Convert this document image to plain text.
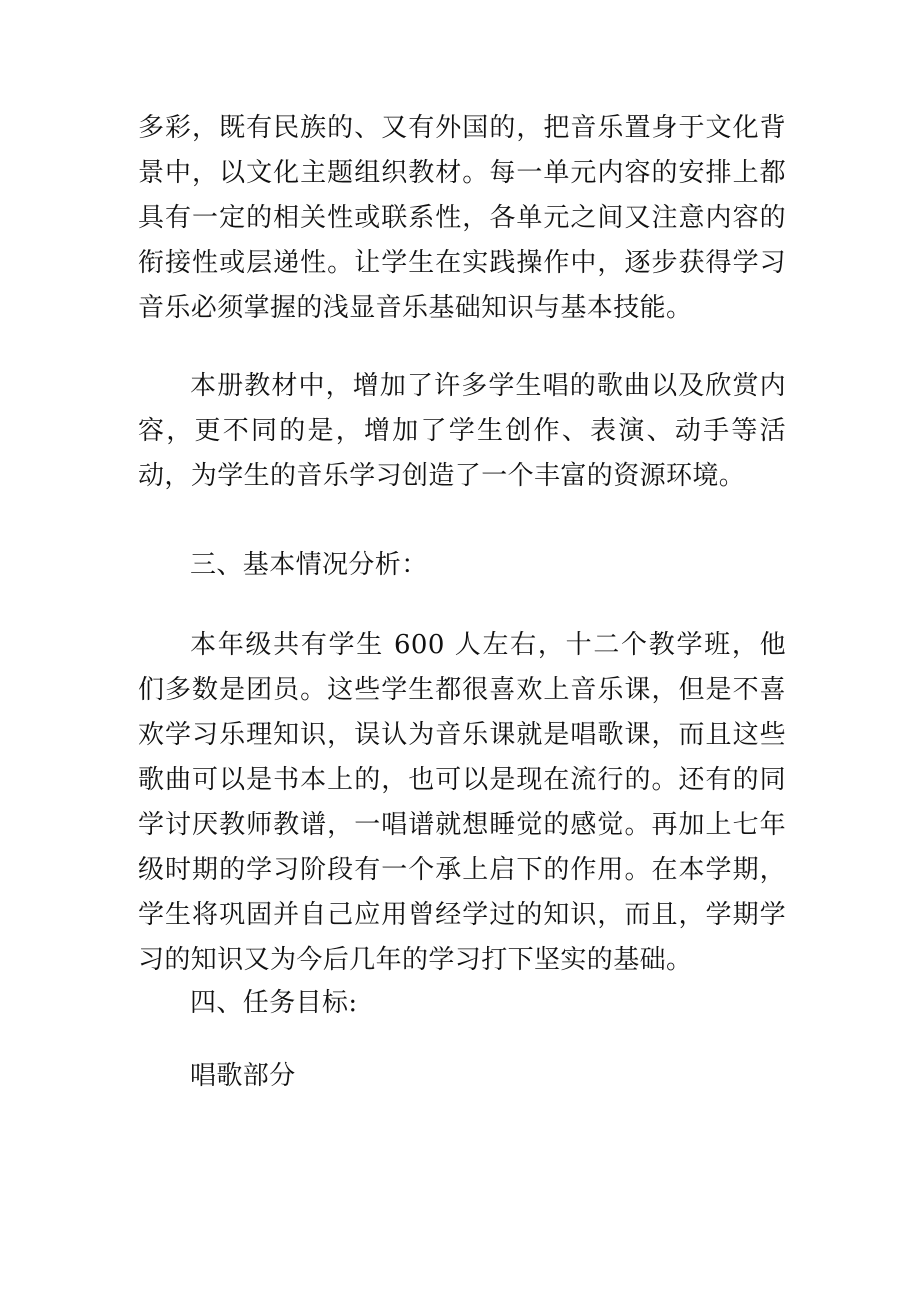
多彩，既有民族的、又有外国的，把音乐置身于文化背景中，以文化主题组织教材。每一单元内容的安排上都具有一定的相关性或联系性，各单元之间又注意内容的衔接性或层递性。让学生在实践操作中，逐步获得学习音乐必须掌握的浅显音乐基础知识与基本技能。

本册教材中，增加了许多学生唱的歌曲以及欣赏内容，更不同的是，增加了学生创作、表演、动手等活动，为学生的音乐学习创造了一个丰富的资源环境。

三、基本情况分析：

本年级共有学生 600 人左右，十二个教学班，他们多数是团员。这些学生都很喜欢上音乐课，但是不喜欢学习乐理知识，误认为音乐课就是唱歌课，而且这些歌曲可以是书本上的，也可以是现在流行的。还有的同学讨厌教师教谱，一唱谱就想睡觉的感觉。再加上七年级时期的学习阶段有一个承上启下的作用。在本学期，学生将巩固并自己应用曾经学过的知识，而且，学期学习的知识又为今后几年的学习打下坚实的基础。

四、任务目标:

唱歌部分
